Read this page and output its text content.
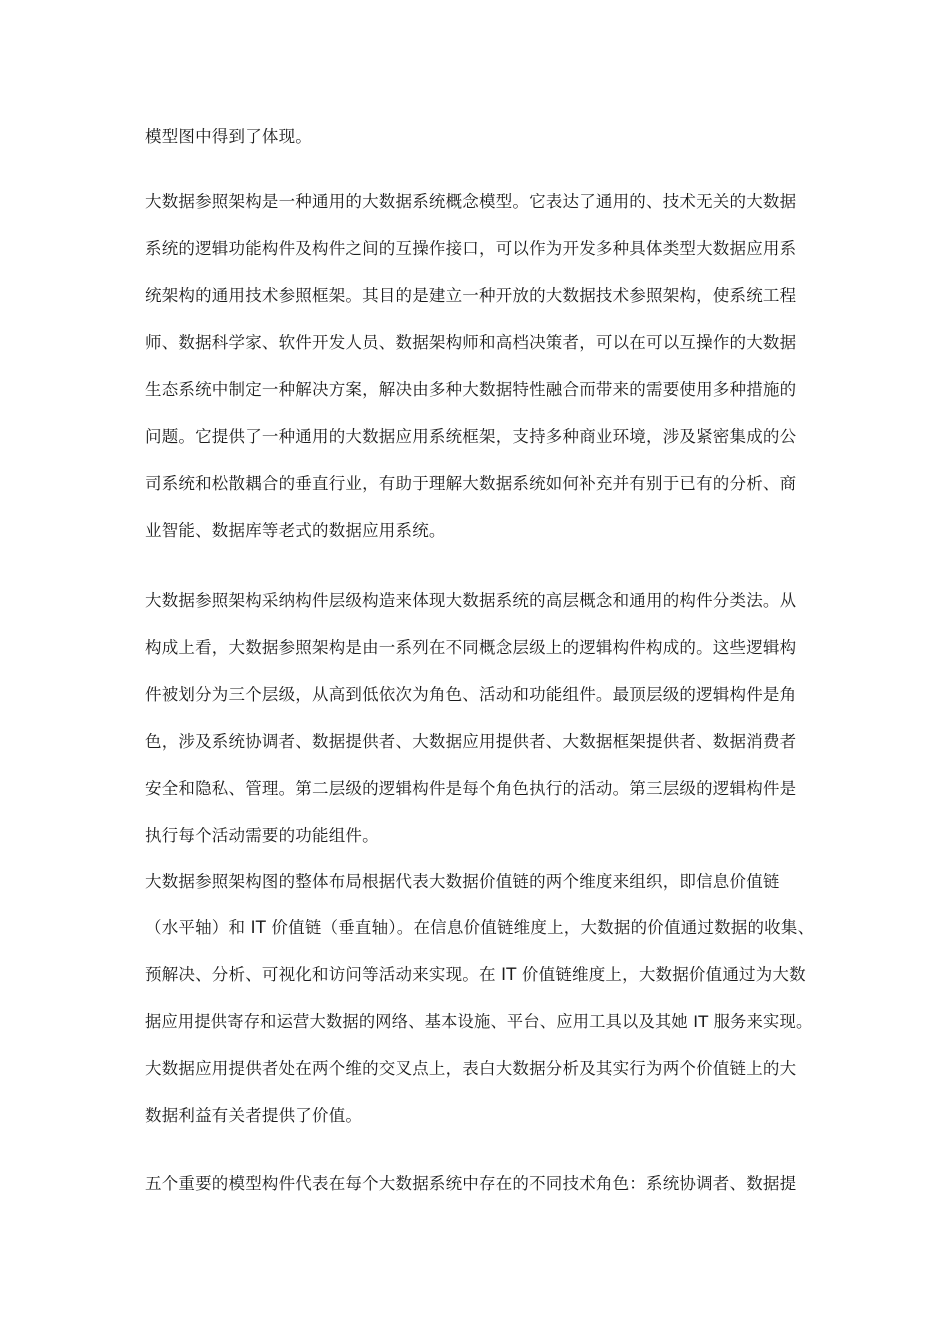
模型图中得到了体现。
大数据参照架构是一种通用的大数据系统概念模型。它表达了通用的、技术无关的大数据
系统的逻辑功能构件及构件之间的互操作接口，可以作为开发多种具体类型大数据应用系
统架构的通用技术参照框架。其目的是建立一种开放的大数据技术参照架构，使系统工程
师、数据科学家、软件开发人员、数据架构师和高档决策者，可以在可以互操作的大数据
生态系统中制定一种解决方案，解决由多种大数据特性融合而带来的需要使用多种措施的
问题。它提供了一种通用的大数据应用系统框架，支持多种商业环境，涉及紧密集成的公
司系统和松散耦合的垂直行业，有助于理解大数据系统如何补充并有别于已有的分析、商
业智能、数据库等老式的数据应用系统。
大数据参照架构采纳构件层级构造来体现大数据系统的高层概念和通用的构件分类法。从
构成上看，大数据参照架构是由一系列在不同概念层级上的逻辑构件构成的。这些逻辑构
件被划分为三个层级，从高到低依次为角色、活动和功能组件。最顶层级的逻辑构件是角
色，涉及系统协调者、数据提供者、大数据应用提供者、大数据框架提供者、数据消费者
安全和隐私、管理。第二层级的逻辑构件是每个角色执行的活动。第三层级的逻辑构件是
执行每个活动需要的功能组件。
大数据参照架构图的整体布局根据代表大数据价值链的两个维度来组织，即信息价值链
（水平轴）和 IT 价值链（垂直轴）。在信息价值链维度上，大数据的价值通过数据的收集、
预解决、分析、可视化和访问等活动来实现。在 IT 价值链维度上，大数据价值通过为大数
据应用提供寄存和运营大数据的网络、基本设施、平台、应用工具以及其她 IT 服务来实现。
大数据应用提供者处在两个维的交叉点上，表白大数据分析及其实行为两个价值链上的大
数据利益有关者提供了价值。
五个重要的模型构件代表在每个大数据系统中存在的不同技术角色：系统协调者、数据提
